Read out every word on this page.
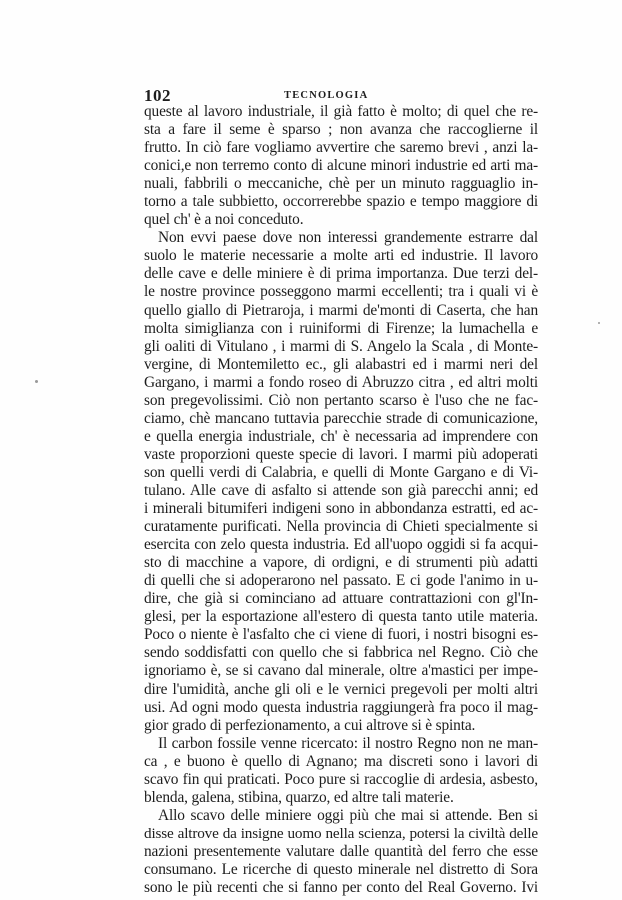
102	TECNOLOGIA
queste al lavoro industriale, il già fatto è molto; di quel che re-
sta a fare il seme è sparso ; non avanza che raccoglierne il
frutto. In ciò fare vogliamo avvertire che saremo brevi , anzi la-
conici,e non terremo conto di alcune minori industrie ed arti ma-
nuali, fabbrili o meccaniche, chè per un minuto ragguaglio in-
torno a tale subbietto, occorrerebbe spazio e tempo maggiore di
quel ch' è a noi conceduto.
Non evvi paese dove non interessi grandemente estrarre dal
suolo le materie necessarie a molte arti ed industrie. Il lavoro
delle cave e delle miniere è di prima importanza. Due terzi del-
le nostre province posseggono marmi eccellenti; tra i quali vi è
quello giallo di Pietraroja, i marmi de'monti di Caserta, che han
molta simiglianza con i ruiniformi di Firenze; la lumachella e
gli oaliti di Vitulano , i marmi di S. Angelo la Scala , di Monte-
vergine, di Montemiletto ec., gli alabastri ed i marmi neri del
Gargano, i marmi a fondo roseo di Abruzzo citra , ed altri molti
son pregevolissimi. Ciò non pertanto scarso è l'uso che ne fac-
ciamo, chè mancano tuttavia parecchie strade di comunicazione,
e quella energia industriale, ch' è necessaria ad imprendere con
vaste proporzioni queste specie di lavori. I marmi più adoperati
son quelli verdi di Calabria, e quelli di Monte Gargano e di Vi-
tulano. Alle cave di asfalto si attende son già parecchi anni; ed
i minerali bitumiferi indigeni sono in abbondanza estratti, ed ac-
curatamente purificati. Nella provincia di Chieti specialmente si
esercita con zelo questa industria. Ed all'uopo oggidi si fa acqui-
sto di macchine a vapore, di ordigni, e di strumenti più adatti
di quelli che si adoperarono nel passato. E ci gode l'animo in u-
dire, che già si cominciano ad attuare contrattazioni con gl'In-
glesi, per la esportazione all'estero di questa tanto utile materia.
Poco o niente è l'asfalto che ci viene di fuori, i nostri bisogni es-
sendo soddisfatti con quello che si fabbrica nel Regno. Ciò che
ignoriamo è, se si cavano dal minerale, oltre a'mastici per impe-
dire l'umidità, anche gli oli e le vernici pregevoli per molti altri
usi. Ad ogni modo questa industria raggiungerà fra poco il mag-
gior grado di perfezionamento, a cui altrove si è spinta.
Il carbon fossile venne ricercato: il nostro Regno non ne man-
ca , e buono è quello di Agnano; ma discreti sono i lavori di
scavo fin qui praticati. Poco pure si raccoglie di ardesia, asbesto,
blenda, galena, stibina, quarzo, ed altre tali materie.
Allo scavo delle miniere oggi più che mai si attende. Ben si
disse altrove da insigne uomo nella scienza, potersi la civiltà delle
nazioni presentemente valutare dalle quantità del ferro che esse
consumano. Le ricerche di questo minerale nel distretto di Sora
sono le più recenti che si fanno per conto del Real Governo. Ivi
